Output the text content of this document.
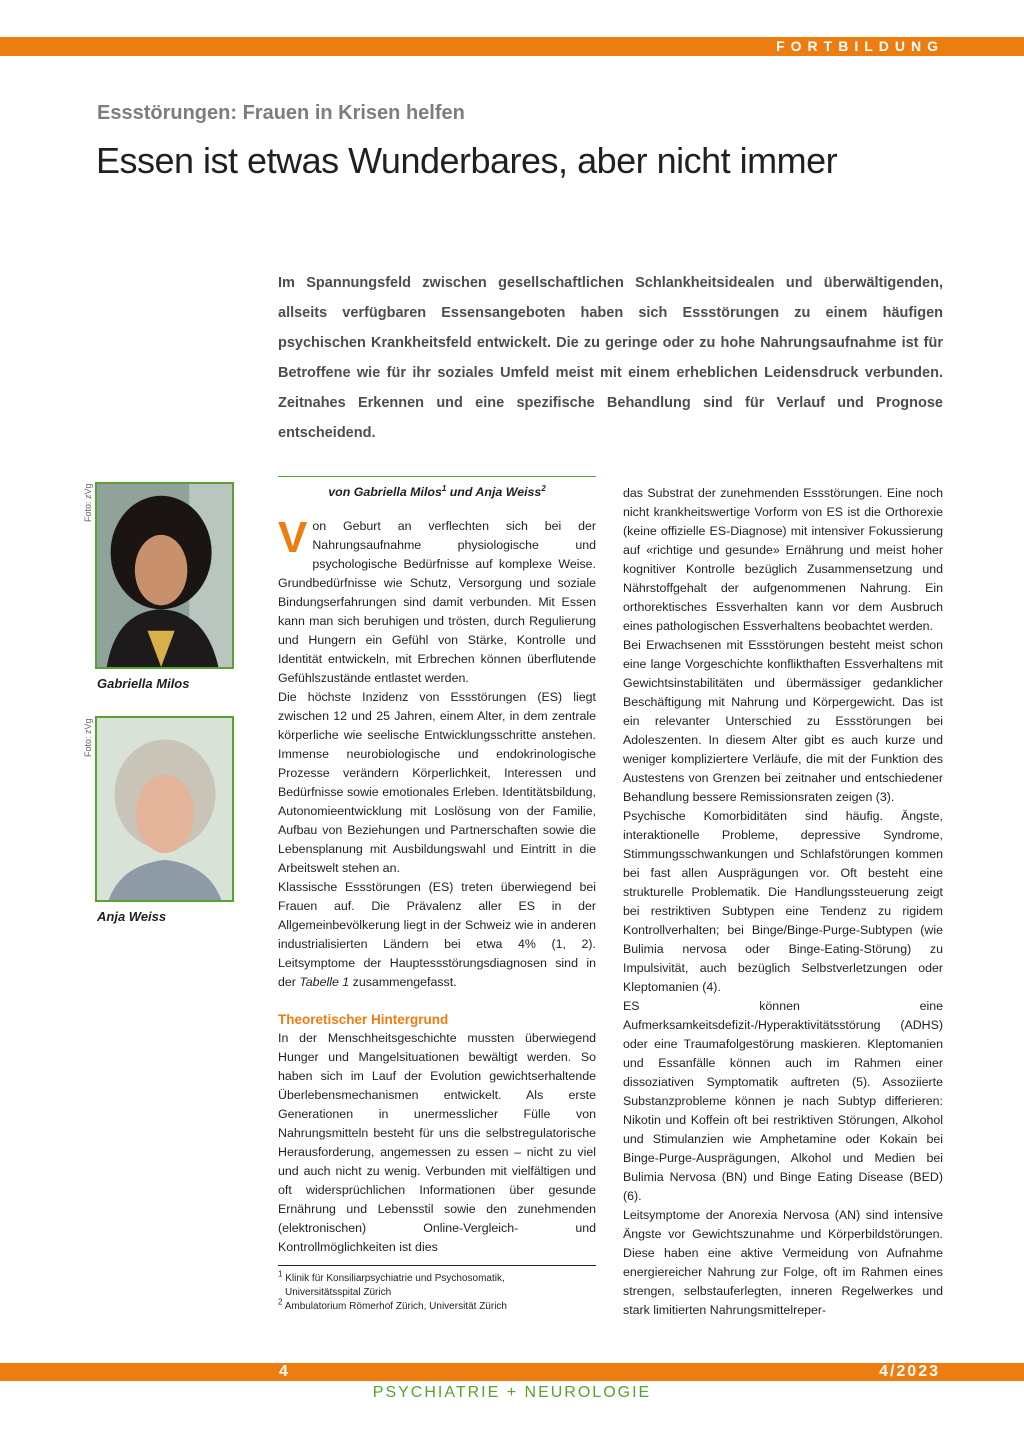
FORTBILDUNG
Essstörungen: Frauen in Krisen helfen
Essen ist etwas Wunderbares, aber nicht immer
Im Spannungsfeld zwischen gesellschaftlichen Schlankheitsidealen und überwältigenden, allseits verfügbaren Essensangeboten haben sich Essstörungen zu einem häufigen psychischen Krankheitsfeld entwickelt. Die zu geringe oder zu hohe Nahrungsaufnahme ist für Betroffene wie für ihr soziales Umfeld meist mit einem erheblichen Leidensdruck verbunden. Zeitnahes Erkennen und eine spezifische Behandlung sind für Verlauf und Prognose entscheidend.
Foto: zVg
Gabriella Milos
Foto: zVg
Anja Weiss
von Gabriella Milos$^1$ und Anja Weiss$^2$

Von Geburt an verflechten sich bei der Nahrungsaufnahme physiologische und psychologische Bedürfnisse auf komplexe Weise. Grundbedürfnisse wie Schutz, Versorgung und soziale Bindungserfahrungen sind damit verbunden. Mit Essen kann man sich beruhigen und trösten, durch Regulierung und Hungern ein Gefühl von Stärke, Kontrolle und Identität entwickeln, mit Erbrechen können überflutende Gefühlszustände entlastet werden.

Die höchste Inzidenz von Essstörungen (ES) liegt zwischen 12 und 25 Jahren, einem Alter, in dem zentrale körperliche wie seelische Entwicklungsschritte anstehen. Immense neurobiologische und endokrinologische Prozesse verändern Körperlichkeit, Interessen und Bedürfnisse sowie emotionales Erleben. Identitätsbildung, Autonomieentwicklung mit Loslösung von der Familie, Aufbau von Beziehungen und Partnerschaften sowie die Lebensplanung mit Ausbildungswahl und Eintritt in die Arbeitswelt stehen an.

Klassische Essstörungen (ES) treten überwiegend bei Frauen auf. Die Prävalenz aller ES in der Allgemeinbevölkerung liegt in der Schweiz wie in anderen industrialisierten Ländern bei etwa 4% (1, 2). Leitsymptome der Hauptessstörungsdiagnosen sind in der Tabelle 1 zusammengefasst.

Theoretischer Hintergrund

In der Menschheitsgeschichte mussten überwiegend Hunger und Mangelsituationen bewältigt werden. So haben sich im Lauf der Evolution gewichtserhaltende Überlebensmechanismen entwickelt. Als erste Generationen in unermesslicher Fülle von Nahrungsmitteln besteht für uns die selbstregulatorische Herausforderung, angemessen zu essen – nicht zu viel und auch nicht zu wenig. Verbunden mit vielfältigen und oft widersprüchlichen Informationen über gesunde Ernährung und Lebensstil sowie den zunehmenden (elektronischen) Online-Vergleich- und Kontrollmöglichkeiten ist dies

$^1$ Klinik für Konsiliarpsychiatrie und Psychosomatik,
Universitätsspital Zürich
$^2$ Ambulatorium Römerhof Zürich, Universität Zürich

das Substrat der zunehmenden Essstörungen. Eine noch nicht krankheitswertige Vorform von ES ist die Orthorexie (keine offizielle ES-Diagnose) mit intensiver Fokussierung auf «richtige und gesunde» Ernährung und meist hoher kognitiver Kontrolle bezüglich Zusammensetzung und Nährstoffgehalt der aufgenommenen Nahrung. Ein orthorektisches Essverhalten kann vor dem Ausbruch eines pathologischen Essverhaltens beobachtet werden.

Bei Erwachsenen mit Essstörungen besteht meist schon eine lange Vorgeschichte konflikthaften Essverhaltens mit Gewichtsinstabilitäten und übermässiger gedanklicher Beschäftigung mit Nahrung und Körpergewicht. Das ist ein relevanter Unterschied zu Essstörungen bei Adoleszenten. In diesem Alter gibt es auch kurze und weniger kompliziertere Verläufe, die mit der Funktion des Austestens von Grenzen bei zeitnaher und entschiedener Behandlung bessere Remissionsraten zeigen (3).

Psychische Komorbiditäten sind häufig. Ängste, interaktionelle Probleme, depressive Syndrome, Stimmungsschwankungen und Schlafstörungen kommen bei fast allen Ausprägungen vor. Oft besteht eine strukturelle Problematik. Die Handlungssteuerung zeigt bei restriktiven Subtypen eine Tendenz zu rigidem Kontrollverhalten; bei Binge/Binge-Purge-Subtypen (wie Bulimia nervosa oder Binge-Eating-Störung) zu Impulsivität, auch bezüglich Selbstverletzungen oder Kleptomanien (4).

ES können eine Aufmerksamkeitsdefizit-/Hyperaktivitätsstörung (ADHS) oder eine Traumafolgestörung maskieren. Kleptomanien und Essanfälle können auch im Rahmen einer dissoziativen Symptomatik auftreten (5). Assoziierte Substanzprobleme können je nach Subtyp differieren: Nikotin und Koffein oft bei restriktiven Störungen, Alkohol und Stimulanzien wie Amphetamine oder Kokain bei Binge-Purge-Ausprägungen, Alkohol und Medien bei Bulimia Nervosa (BN) und Binge Eating Disease (BED) (6).

Leitsymptome der Anorexia Nervosa (AN) sind intensive Ängste vor Gewichtszunahme und Körperbildstörungen. Diese haben eine aktive Vermeidung von Aufnahme energiereicher Nahrung zur Folge, oft im Rahmen eines strengen, selbstauferlegten, inneren Regelwerkes und stark limitierten Nahrungsmittelreper-

4	4/2023
PSYCHIATRIE + NEUROLOGIE
